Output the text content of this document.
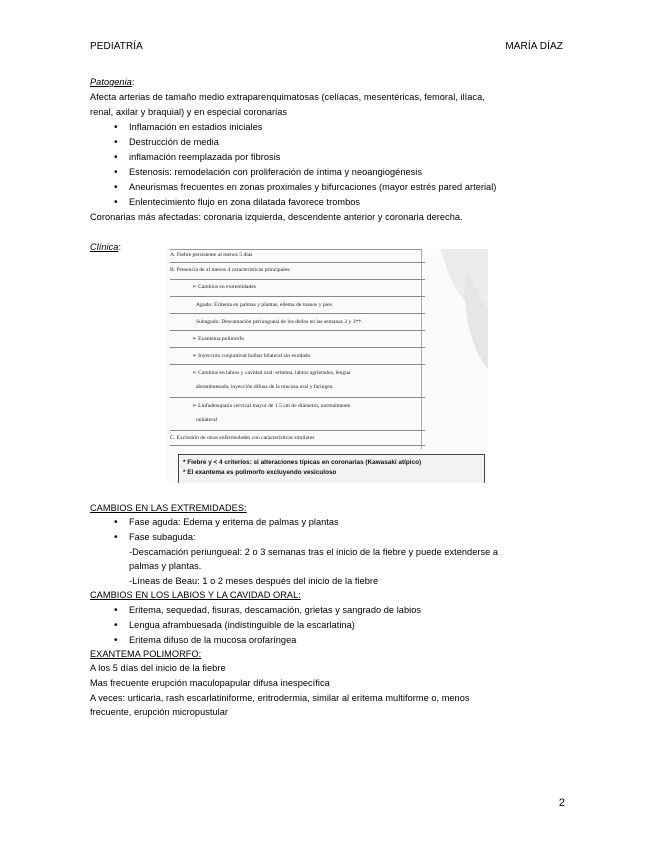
PEDIATRÍA	MARÍA DÍAZ
Patogenia:
Afecta arterias de tamaño medio extraparenquimatosas (celíacas, mesentéricas, femoral, ilíaca,
renal, axilar y braquial) y en especial coronarias
• Inflamación en estadios iniciales
• Destrucción de media
• inflamación reemplazada por fibrosis
• Estenosis: remodelación con proliferación de íntima y neoangiogénesis
• Aneurismas frecuentes en zonas proximales y bifurcaciones (mayor estrés pared arterial)
• Enlentecimiento flujo en zona dilatada favorece trombos
Coronarias más afectadas: coronaria izquierda, descendente anterior y coronaria derecha.
Clínica:
A. Fiebre persistente al menos 5 días
B. Presencia de al menos 4 características principales:
➢ Cambios en extremidades
Agudo: Eritema en palmas y plantas, edema de manos y pies
Subagudo: Descamación periungueal de los dedos en las semanas 2 y 3**.
➢ Exantema polimorfo
➢ Inyección conjuntival bulbar bilateral sin exudado
➢ Cambios en labios y cavidad oral: eritema, labios agrietados, lengua
abrambuesada, inyección difusa de la mucosa oral y faríngea.
➢ Linfadenopatía cervical mayor de 1.5 cm de diámetro, normalmente
unilateral
C. Exclusión de otras enfermedades con características similares
* Fiebre y < 4 criterios: si alteraciones típicas en coronarias (Kawasaki atípico)
* El exantema es polimorfo excluyendo vesiculoso
CAMBIOS EN LAS EXTREMIDADES:
• Fase aguda: Edema y eritema de palmas y plantas
• Fase subaguda:
-Descamación periungueal: 2 o 3 semanas tras el inicio de la fiebre y puede extenderse a
palmas y plantas.
-Líneas de Beau: 1 o 2 meses después del inicio de la fiebre
CAMBIOS EN LOS LABIOS Y LA CAVIDAD ORAL:
• Eritema, sequedad, fisuras, descamación, grietas y sangrado de labios
• Lengua aframbuesada (indistinguible de la escarlatina)
• Eritema difuso de la mucosa orofaríngea
EXANTEMA POLIMORFO:
A los 5 días del inicio de la fiebre
Mas frecuente erupción maculopapular difusa inespecífica
A veces: urticaria, rash escarlatiniforme, eritrodermia, similar al eritema multiforme o, menos
frecuente, erupción micropustular
2
